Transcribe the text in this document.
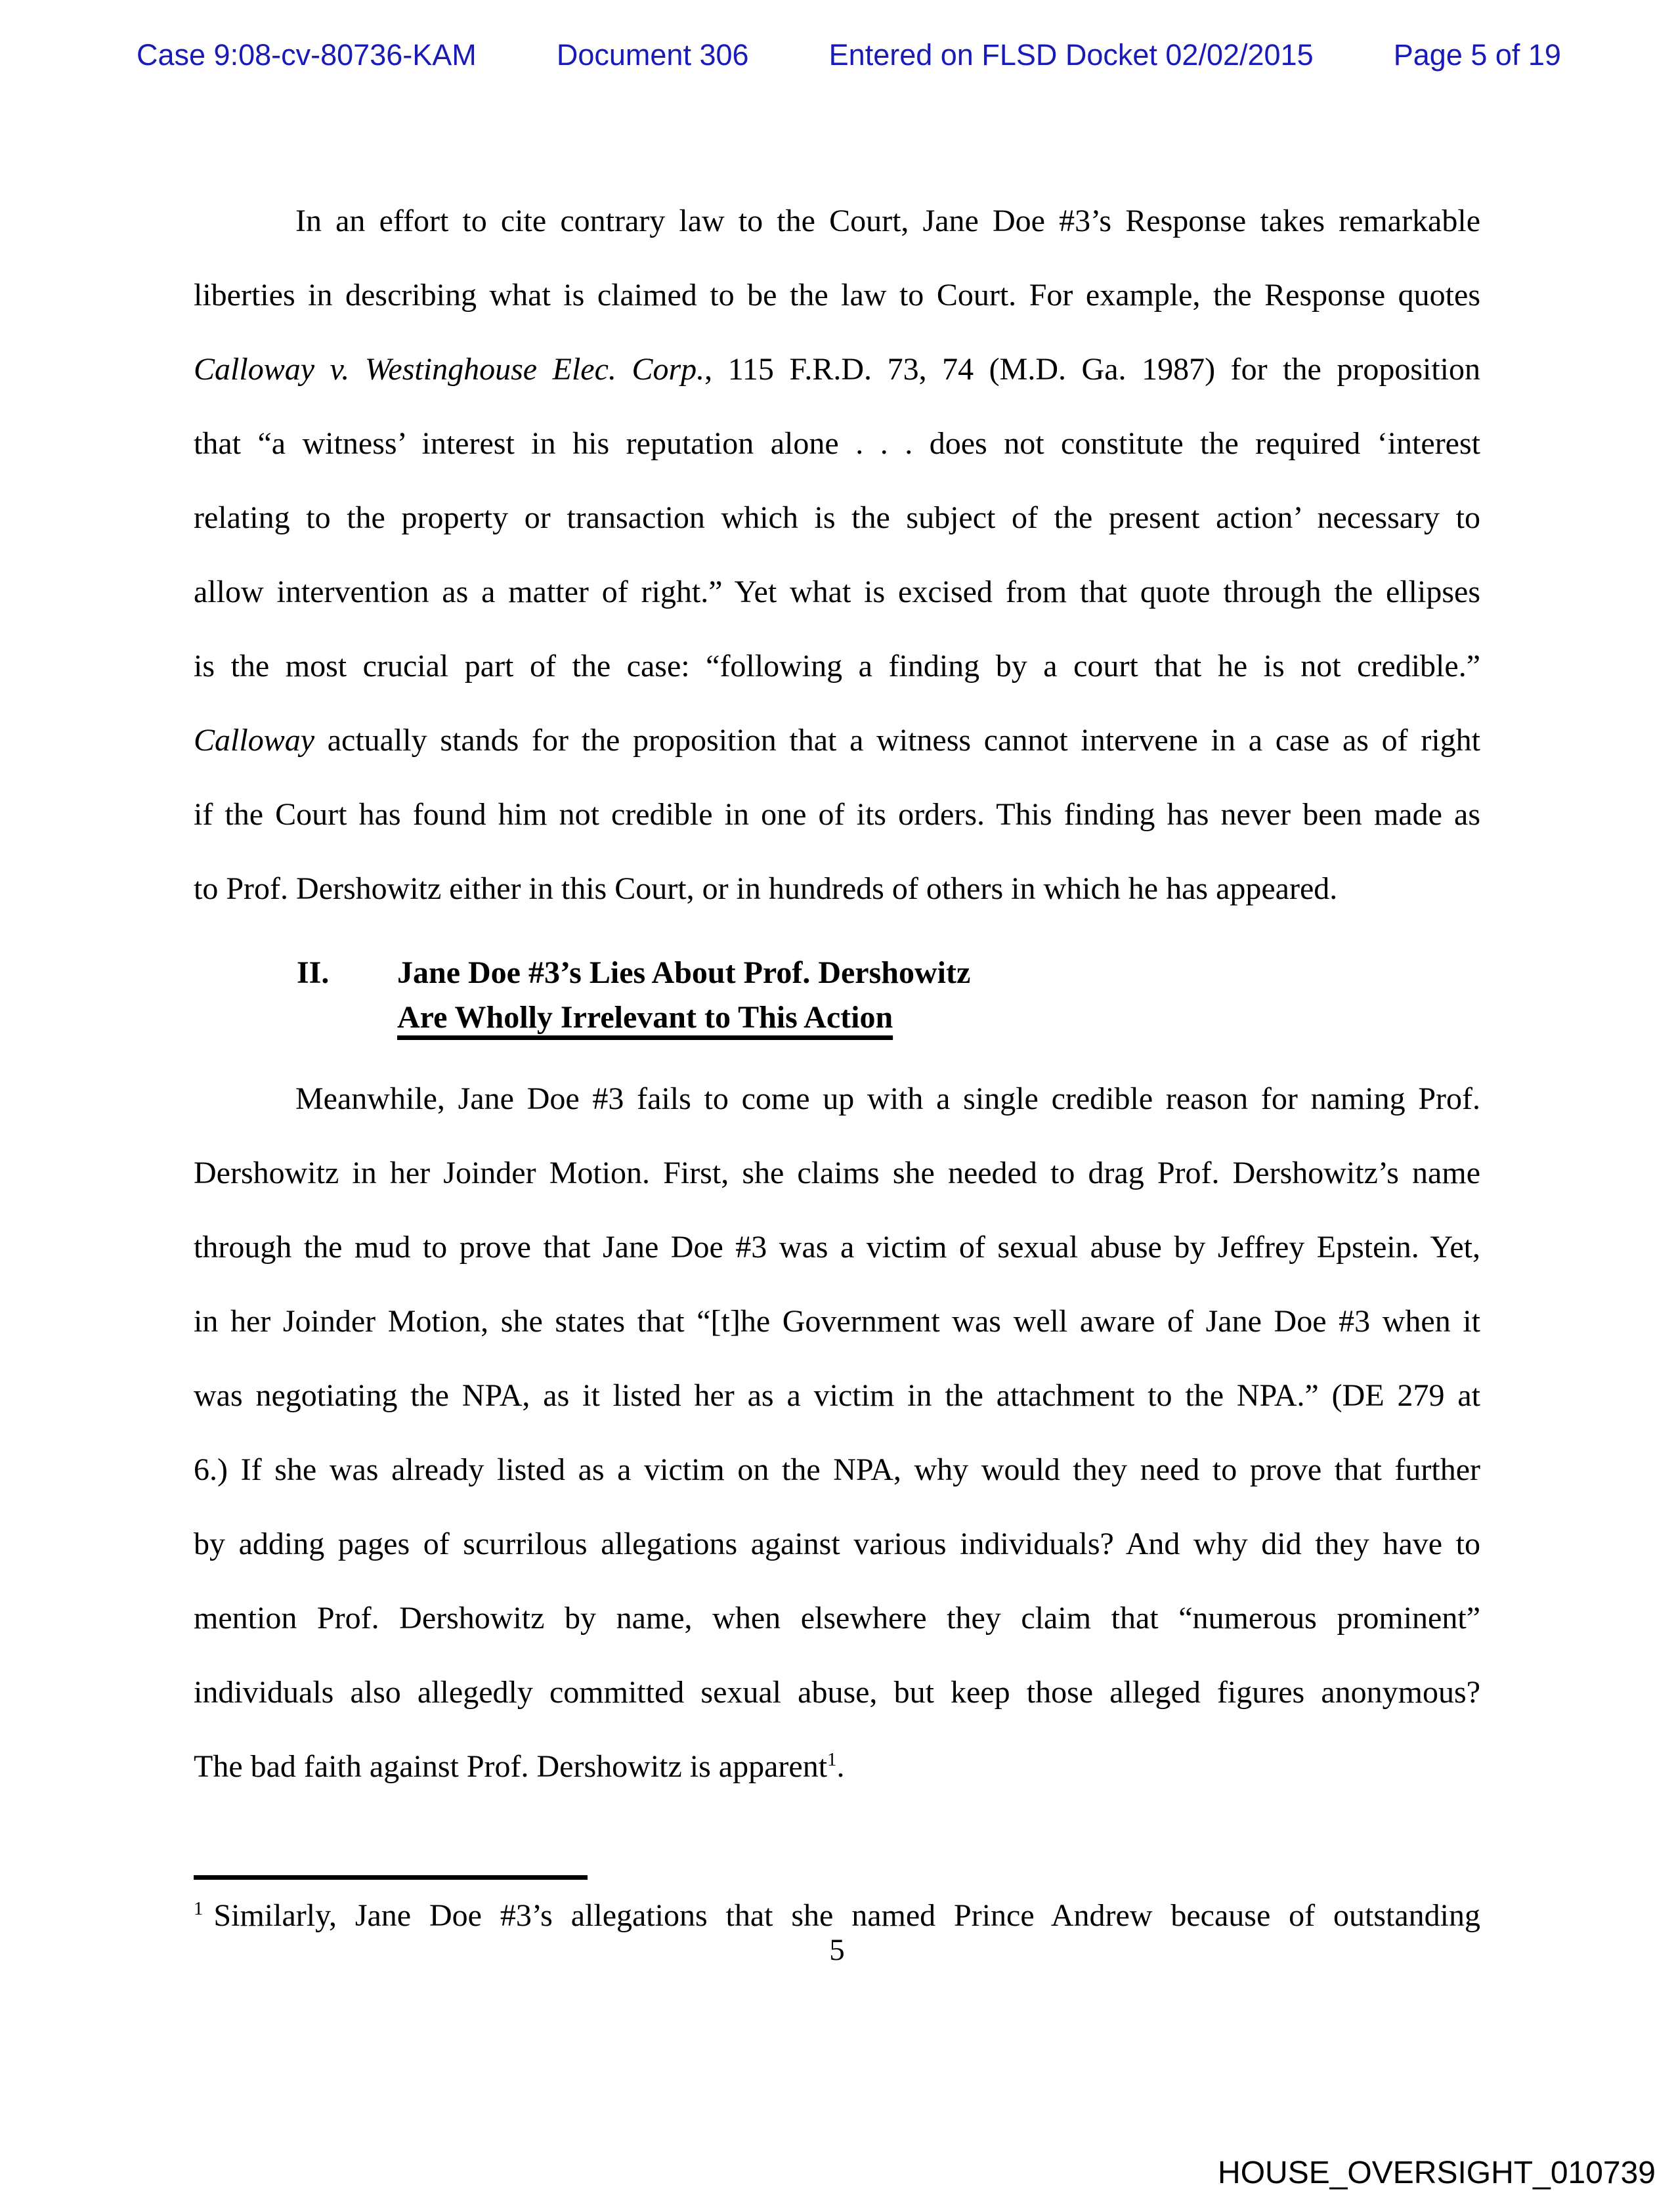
Case 9:08-cv-80736-KAM	Document 306	Entered on FLSD Docket 02/02/2015	Page 5 of 19
In an effort to cite contrary law to the Court, Jane Doe #3’s Response takes remarkable
liberties in describing what is claimed to be the law to Court. For example, the Response quotes
Calloway v. Westinghouse Elec. Corp., 115 F.R.D. 73, 74 (M.D. Ga. 1987) for the proposition
that “a witness’ interest in his reputation alone . . . does not constitute the required ‘interest
relating to the property or transaction which is the subject of the present action’ necessary to
allow intervention as a matter of right.” Yet what is excised from that quote through the ellipses
is the most crucial part of the case: “following a finding by a court that he is not credible.”
Calloway actually stands for the proposition that a witness cannot intervene in a case as of right
if the Court has found him not credible in one of its orders. This finding has never been made as
to Prof. Dershowitz either in this Court, or in hundreds of others in which he has appeared.
II. Jane Doe #3’s Lies About Prof. Dershowitz
Are Wholly Irrelevant to This Action
Meanwhile, Jane Doe #3 fails to come up with a single credible reason for naming Prof.
Dershowitz in her Joinder Motion. First, she claims she needed to drag Prof. Dershowitz’s name
through the mud to prove that Jane Doe #3 was a victim of sexual abuse by Jeffrey Epstein. Yet,
in her Joinder Motion, she states that “[t]he Government was well aware of Jane Doe #3 when it
was negotiating the NPA, as it listed her as a victim in the attachment to the NPA.” (DE 279 at
6.) If she was already listed as a victim on the NPA, why would they need to prove that further
by adding pages of scurrilous allegations against various individuals? And why did they have to
mention Prof. Dershowitz by name, when elsewhere they claim that “numerous prominent”
individuals also allegedly committed sexual abuse, but keep those alleged figures anonymous?
The bad faith against Prof. Dershowitz is apparent$^1$.
$^1$ Similarly, Jane Doe #3’s allegations that she named Prince Andrew because of outstanding
5
HOUSE_OVERSIGHT_010739
